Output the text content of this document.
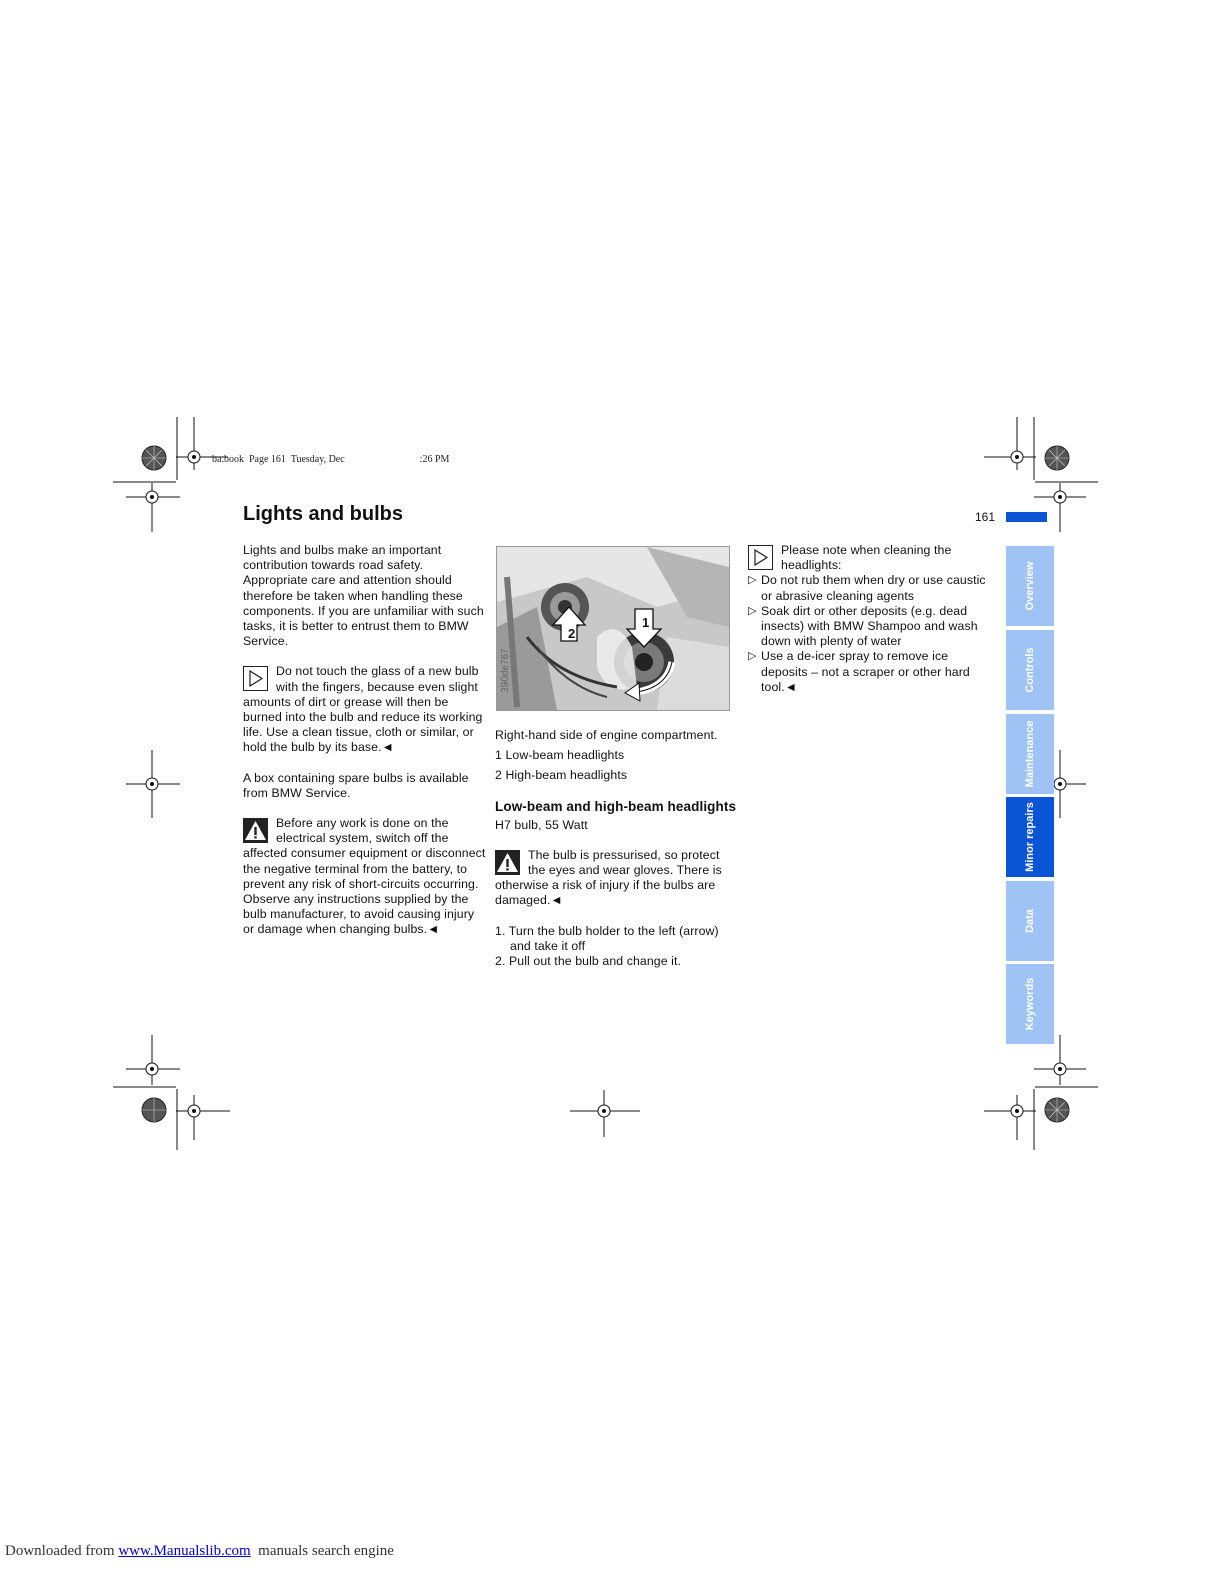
ba.book  Page 161  Tuesday, Dec                              :26 PM
Lights and bulbs	161

Lights and bulbs make an important contribution towards road safety. Appropriate care and attention should therefore be taken when handling these components. If you are unfamiliar with such tasks, it is better to entrust them to BMW Service.

Do not touch the glass of a new bulb with the fingers, because even slight amounts of dirt or grease will then be burned into the bulb and reduce its working life. Use a clean tissue, cloth or similar, or hold the bulb by its base.◄

A box containing spare bulbs is available from BMW Service.

Before any work is done on the electrical system, switch off the affected consumer equipment or disconnect the negative terminal from the battery, to prevent any risk of short-circuits occurring.

Observe any instructions supplied by the bulb manufacturer, to avoid causing injury or damage when changing bulbs.◄

1
2
390de767

Right-hand side of engine compartment.

1 Low-beam headlights

2 High-beam headlights

Low-beam and high-beam headlights

H7 bulb, 55 Watt

The bulb is pressurised, so protect the eyes and wear gloves. There is otherwise a risk of injury if the bulbs are damaged.◄

1. Turn the bulb holder to the left (arrow) and take it off

2. Pull out the bulb and change it.

Please note when cleaning the headlights:
▷ Do not rub them when dry or use caustic or abrasive cleaning agents
▷ Soak dirt or other deposits (e.g. dead insects) with BMW Shampoo and wash down with plenty of water
▷ Use a de-icer spray to remove ice deposits – not a scraper or other hard tool.◄
Overview
Controls
Maintenance
Minor repairs
Data
Keywords
Downloaded from www.Manualslib.com  manuals search engine
